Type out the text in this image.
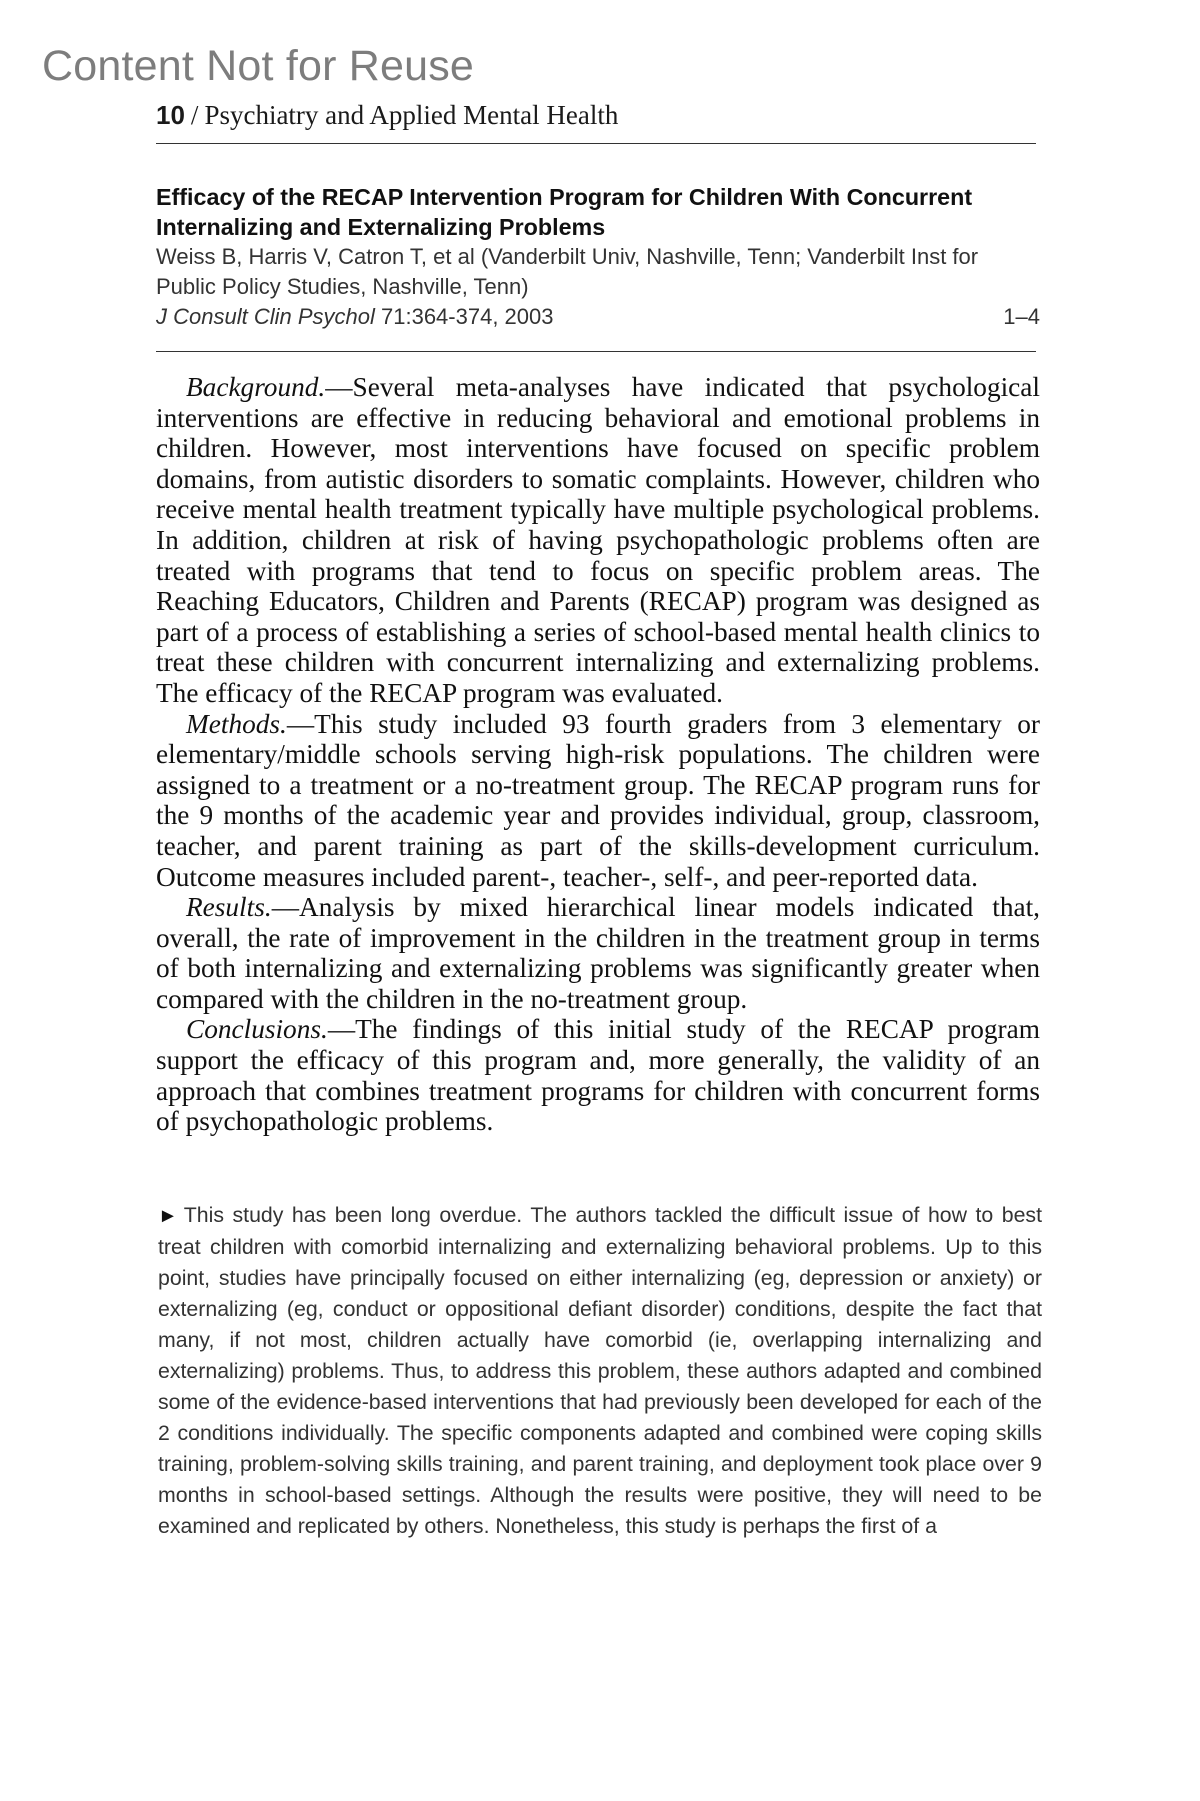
Content Not for Reuse
10 / Psychiatry and Applied Mental Health

Efficacy of the RECAP Intervention Program for Children With Concurrent Internalizing and Externalizing Problems

Weiss B, Harris V, Catron T, et al (Vanderbilt Univ, Nashville, Tenn; Vanderbilt Inst for Public Policy Studies, Nashville, Tenn)

J Consult Clin Psychol 71:364-374, 2003	1–4

Background.—Several meta-analyses have indicated that psychological interventions are effective in reducing behavioral and emotional problems in children. However, most interventions have focused on specific problem domains, from autistic disorders to somatic complaints. However, children who receive mental health treatment typically have multiple psychological problems. In addition, children at risk of having psychopathologic problems often are treated with programs that tend to focus on specific problem areas. The Reaching Educators, Children and Parents (RECAP) program was designed as part of a process of establishing a series of school-based mental health clinics to treat these children with concurrent internalizing and externalizing problems. The efficacy of the RECAP program was evaluated.

Methods.—This study included 93 fourth graders from 3 elementary or elementary/middle schools serving high-risk populations. The children were assigned to a treatment or a no-treatment group. The RECAP program runs for the 9 months of the academic year and provides individual, group, classroom, teacher, and parent training as part of the skills-development curriculum. Outcome measures included parent-, teacher-, self-, and peer-reported data.

Results.—Analysis by mixed hierarchical linear models indicated that, overall, the rate of improvement in the children in the treatment group in terms of both internalizing and externalizing problems was significantly greater when compared with the children in the no-treatment group.

Conclusions.—The findings of this initial study of the RECAP program support the efficacy of this program and, more generally, the validity of an approach that combines treatment programs for children with concurrent forms of psychopathologic problems.

► This study has been long overdue. The authors tackled the difficult issue of how to best treat children with comorbid internalizing and externalizing behavioral problems. Up to this point, studies have principally focused on either internalizing (eg, depression or anxiety) or externalizing (eg, conduct or oppositional defiant disorder) conditions, despite the fact that many, if not most, children actually have comorbid (ie, overlapping internalizing and externalizing) problems. Thus, to address this problem, these authors adapted and combined some of the evidence-based interventions that had previously been developed for each of the 2 conditions individually. The specific components adapted and combined were coping skills training, problem-solving skills training, and parent training, and deployment took place over 9 months in school-based settings. Although the results were positive, they will need to be examined and replicated by others. Nonetheless, this study is perhaps the first of a
